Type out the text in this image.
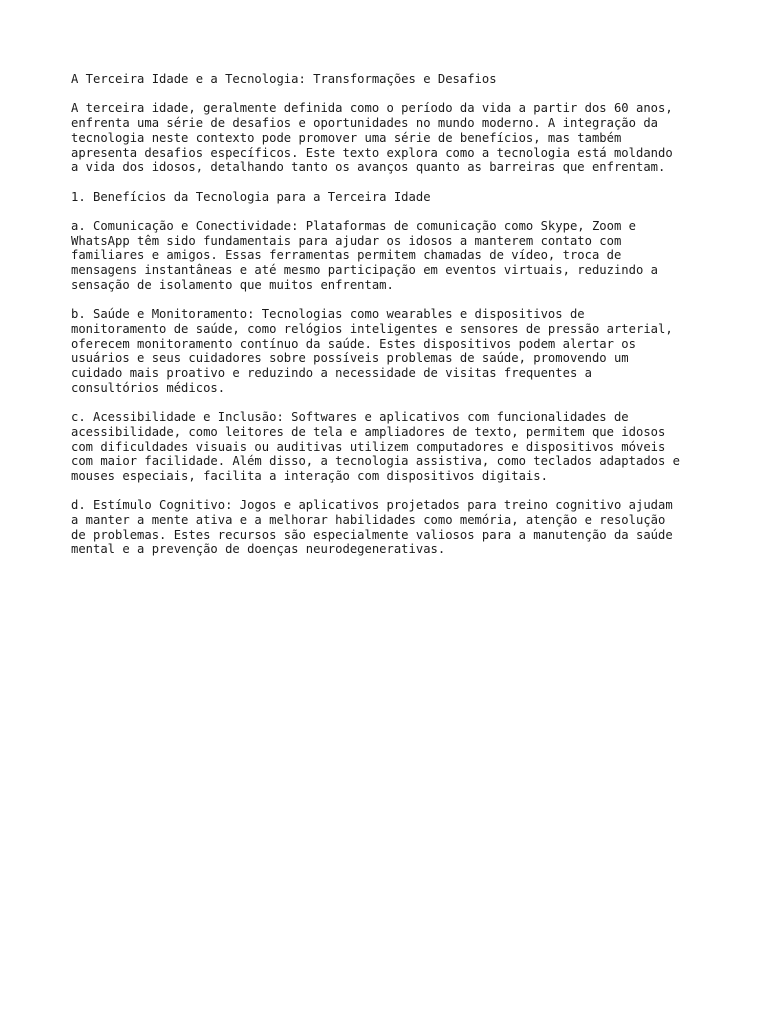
A Terceira Idade e a Tecnologia: Transformações e Desafios

A terceira idade, geralmente definida como o período da vida a partir dos 60 anos,
enfrenta uma série de desafios e oportunidades no mundo moderno. A integração da
tecnologia neste contexto pode promover uma série de benefícios, mas também
apresenta desafios específicos. Este texto explora como a tecnologia está moldando
a vida dos idosos, detalhando tanto os avanços quanto as barreiras que enfrentam.

1. Benefícios da Tecnologia para a Terceira Idade

a. Comunicação e Conectividade: Plataformas de comunicação como Skype, Zoom e
WhatsApp têm sido fundamentais para ajudar os idosos a manterem contato com
familiares e amigos. Essas ferramentas permitem chamadas de vídeo, troca de
mensagens instantâneas e até mesmo participação em eventos virtuais, reduzindo a
sensação de isolamento que muitos enfrentam.

b. Saúde e Monitoramento: Tecnologias como wearables e dispositivos de
monitoramento de saúde, como relógios inteligentes e sensores de pressão arterial,
oferecem monitoramento contínuo da saúde. Estes dispositivos podem alertar os
usuários e seus cuidadores sobre possíveis problemas de saúde, promovendo um
cuidado mais proativo e reduzindo a necessidade de visitas frequentes a
consultórios médicos.

c. Acessibilidade e Inclusão: Softwares e aplicativos com funcionalidades de
acessibilidade, como leitores de tela e ampliadores de texto, permitem que idosos
com dificuldades visuais ou auditivas utilizem computadores e dispositivos móveis
com maior facilidade. Além disso, a tecnologia assistiva, como teclados adaptados e
mouses especiais, facilita a interação com dispositivos digitais.

d. Estímulo Cognitivo: Jogos e aplicativos projetados para treino cognitivo ajudam
a manter a mente ativa e a melhorar habilidades como memória, atenção e resolução
de problemas. Estes recursos são especialmente valiosos para a manutenção da saúde
mental e a prevenção de doenças neurodegenerativas.
